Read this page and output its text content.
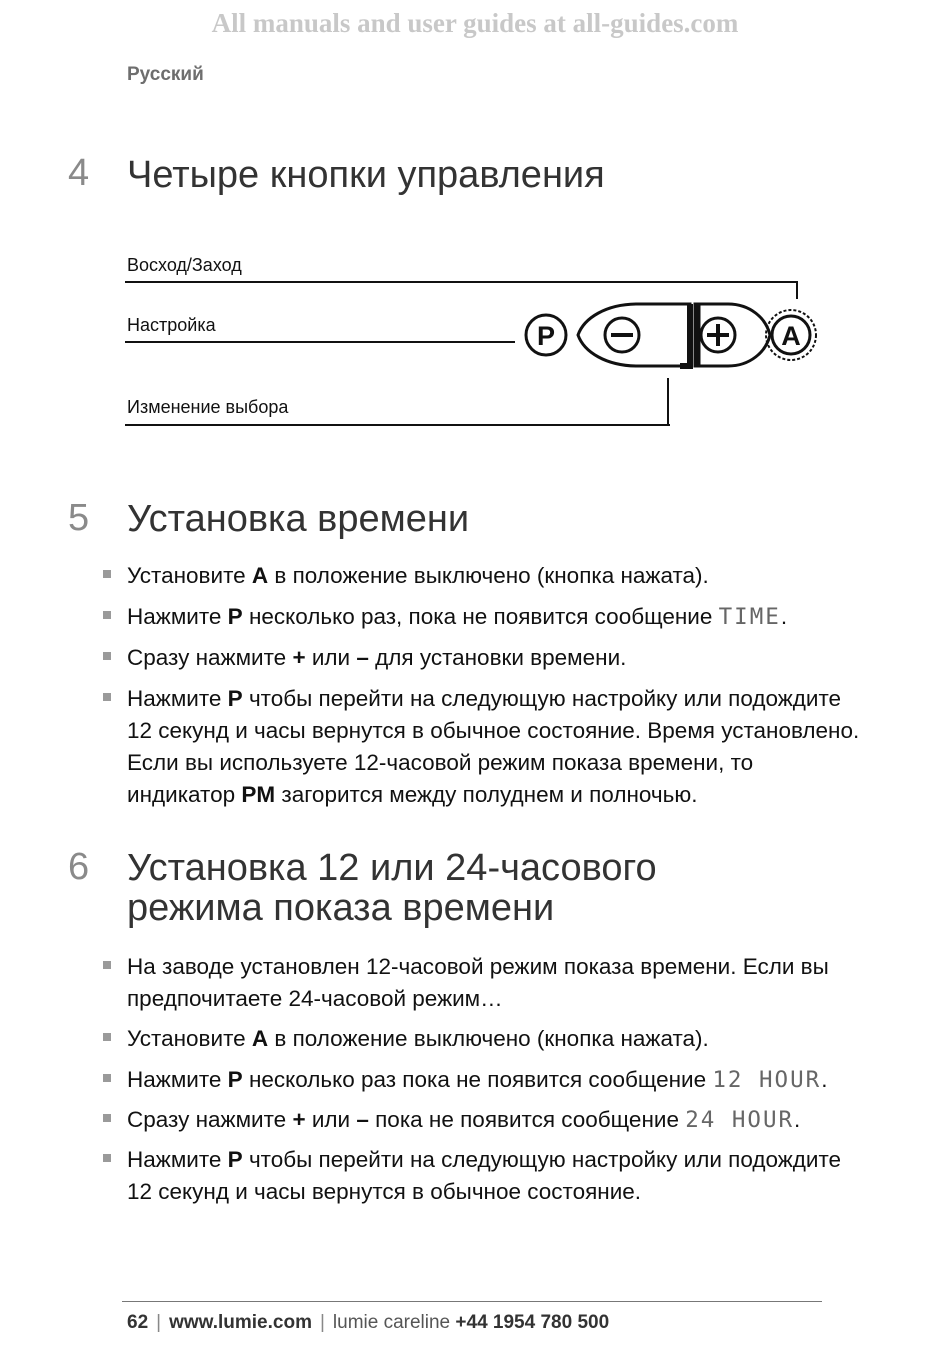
All manuals and user guides at all-guides.com
Русский
4 Четыре кнопки управления
Восход/Заход
Настройка
Изменение выбора
P	A
5 Установка времени
Установите A в положение выключено (кнопка нажата).
Нажмите P несколько раз, пока не появится сообщение TIME.
Сразу нажмите + или – для установки времени.
Нажмите P чтобы перейти на следующую настройку или подождите 12 секунд и часы вернутся в обычное состояние. Время установлено. Если вы используете 12-часовой режим показа времени, то индикатор PM загорится между полуднем и полночью.
6 Установка 12 или 24-часового
режима показа времени
На заводе установлен 12-часовой режим показа времени. Если вы предпочитаете 24-часовой режим…
Установите A в положение выключено (кнопка нажата).
Нажмите P несколько раз пока не появится сообщение 12 HOUR.
Сразу нажмите + или – пока не появится сообщение 24 HOUR.
Нажмите P чтобы перейти на следующую настройку или подождите 12 секунд и часы вернутся в обычное состояние.
62 | www.lumie.com | lumie careline +44 1954 780 500
